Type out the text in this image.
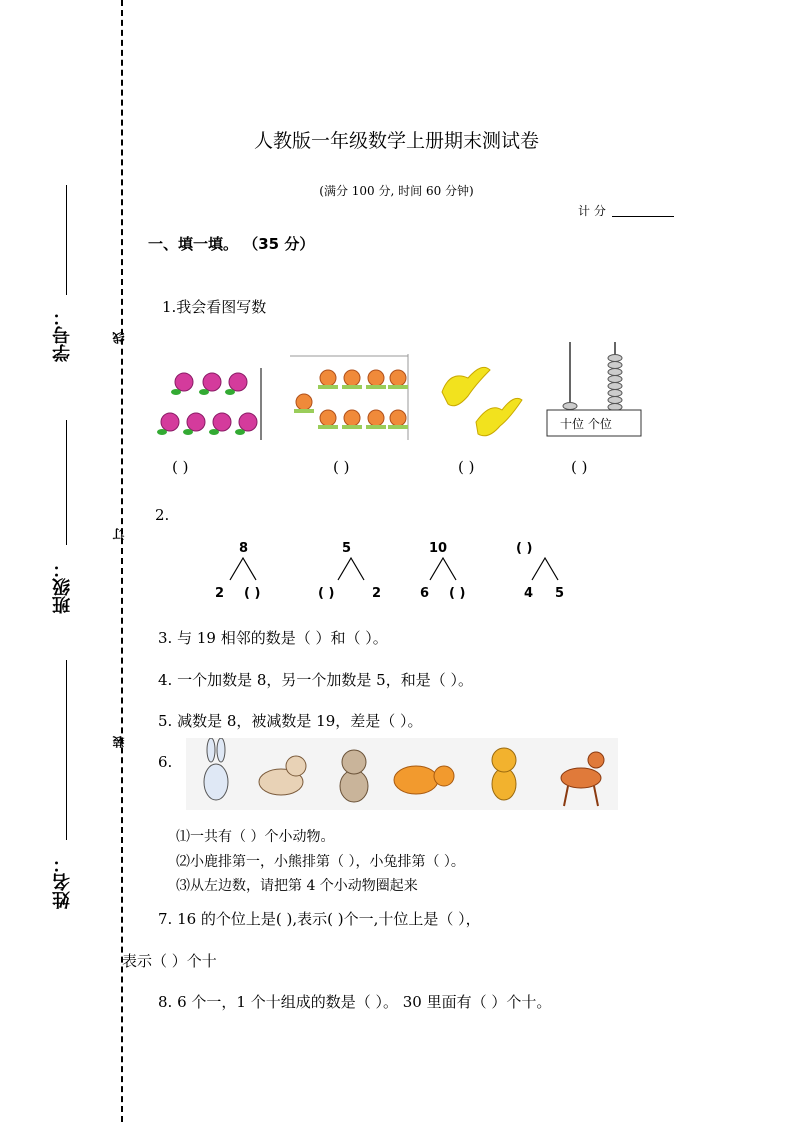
学号：
班级：
姓名：
线
订
装
人教版一年级数学上册期末测试卷
(满分 100 分, 时间 60 分钟)
计 分
一、填一填。 （35 分）
1.我会看图写数
十位 个位
( )	( )	( )	( )
2.
8
2 ( )
5
( )	2
10
6 ( )
( )
4 5
3. 与 19 相邻的数是（ ）和（ ）。
4. 一个加数是 8，另一个加数是 5，和是（ ）。
5. 减数是 8，被减数是 19，差是（ ）。
6.
⑴一共有（ ）个小动物。
⑵小鹿排第一，小熊排第（ ），小兔排第（ ）。
⑶从左边数，请把第 4 个小动物圈起来
7. 16 的个位上是( ),表示( )个一,十位上是（ ），
表示（ ）个十
8. 6 个一，1 个十组成的数是（ ）。 30 里面有（ ）个十。
